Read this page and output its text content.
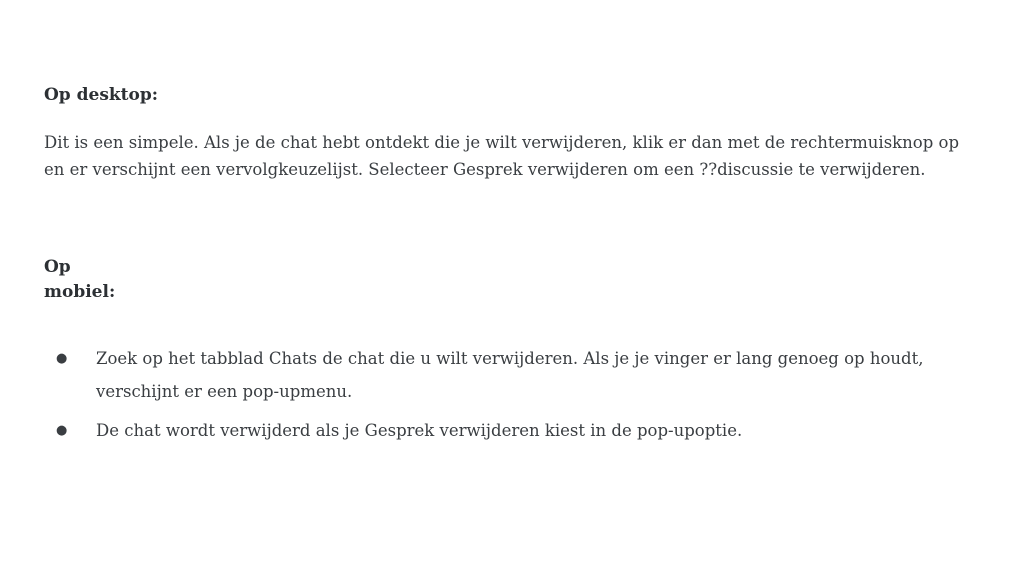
Op desktop:

Dit is een simpele. Als je de chat hebt ontdekt die je wilt verwijderen, klik er dan met de rechtermuisknop op en er verschijnt een vervolgkeuzelijst. Selecteer Gesprek verwijderen om een ??discussie te verwijderen.

Op mobiel:
● Zoek op het tabblad Chats de chat die u wilt verwijderen. Als je je vinger er lang genoeg op houdt, verschijnt er een pop-upmenu.
● De chat wordt verwijderd als je Gesprek verwijderen kiest in de pop-upoptie.
